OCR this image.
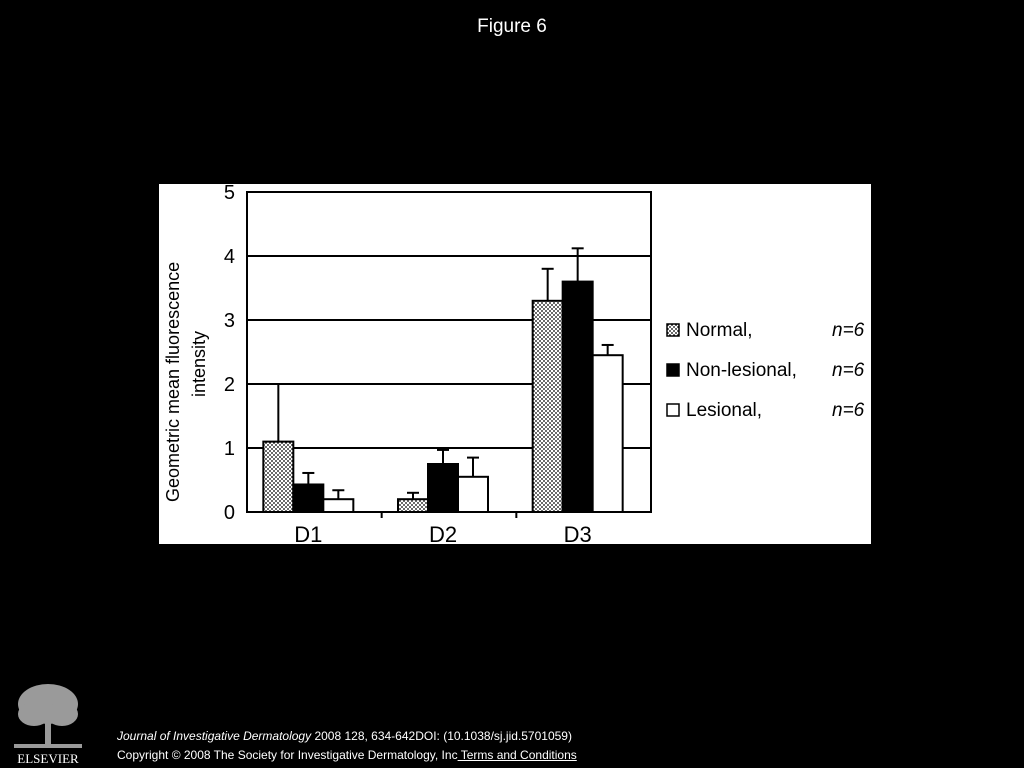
Figure 6
0
1
2
3
4
5
D1	D2	D3
Geometric mean fluorescence intensity
Normal,	n=6
Non-lesional, n=6
Lesional,	n=6
ELSEVIER
Journal of Investigative Dermatology 2008 128, 634-642DOI: (10.1038/sj.jid.5701059)
Copyright © 2008 The Society for Investigative Dermatology, Inc Terms and Conditions
